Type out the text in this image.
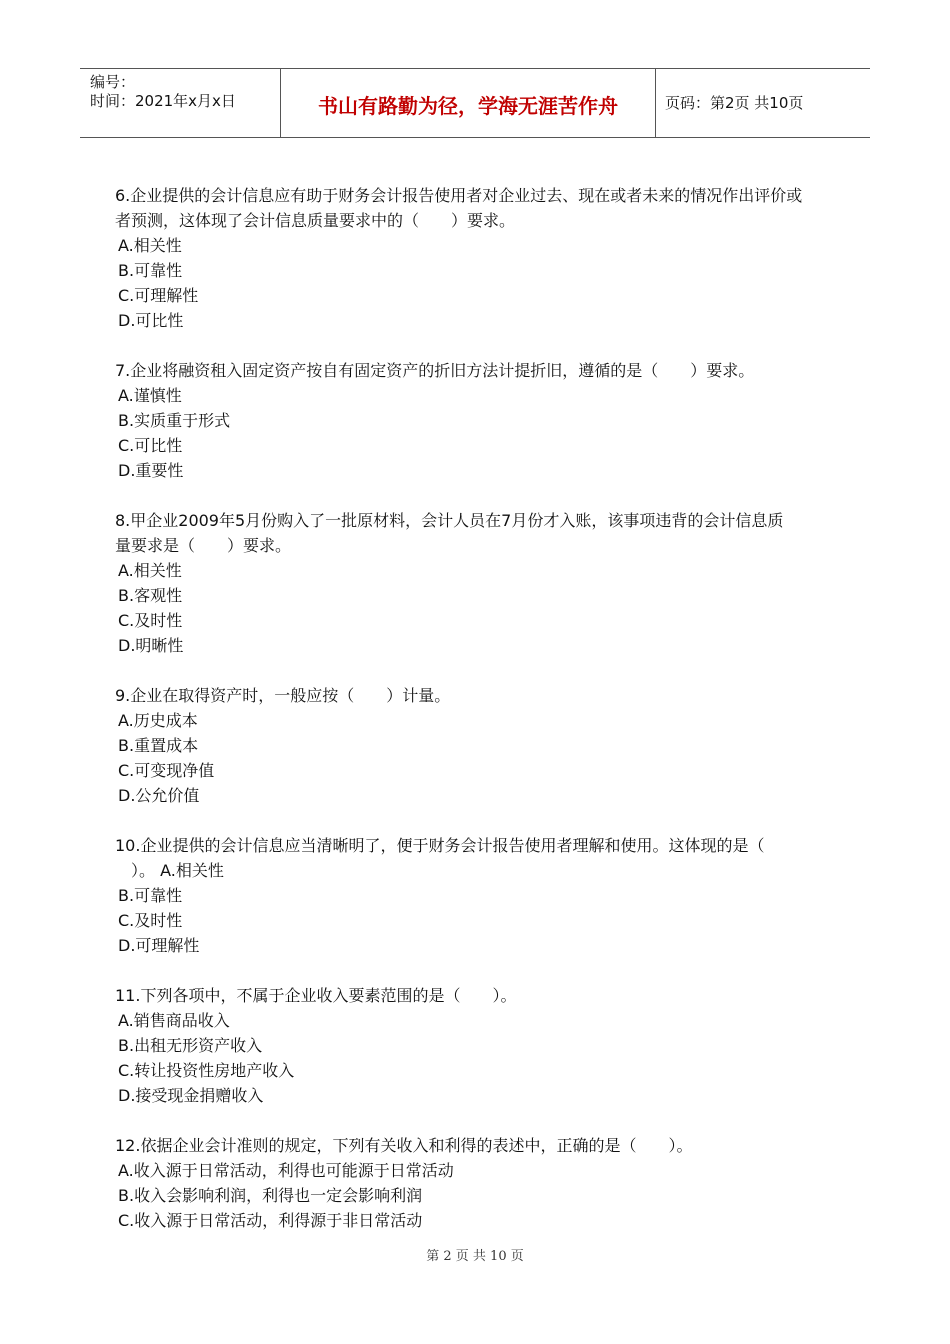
编号：
时间：2021年x月x日	书山有路勤为径，学海无涯苦作舟	页码：第2页 共10页
6.企业提供的会计信息应有助于财务会计报告使用者对企业过去、现在或者未来的情况作出评价或
者预测，这体现了会计信息质量要求中的（　　）要求。
A.相关性
B.可靠性
C.可理解性
D.可比性
7.企业将融资租入固定资产按自有固定资产的折旧方法计提折旧，遵循的是（　　）要求。
A.谨慎性
B.实质重于形式
C.可比性
D.重要性
8.甲企业2009年5月份购入了一批原材料，会计人员在7月份才入账，该事项违背的会计信息质
量要求是（　　）要求。
A.相关性
B.客观性
C.及时性
D.明晰性
9.企业在取得资产时，一般应按（　　）计量。
A.历史成本
B.重置成本
C.可变现净值
D.公允价值
10.企业提供的会计信息应当清晰明了，便于财务会计报告使用者理解和使用。这体现的是（
　）。 A.相关性
B.可靠性
C.及时性
D.可理解性
11.下列各项中，不属于企业收入要素范围的是（　　）。
A.销售商品收入
B.出租无形资产收入
C.转让投资性房地产收入
D.接受现金捐赠收入
12.依据企业会计准则的规定，下列有关收入和利得的表述中，正确的是（　　）。
A.收入源于日常活动，利得也可能源于日常活动
B.收入会影响利润，利得也一定会影响利润
C.收入源于日常活动，利得源于非日常活动
第 2 页 共 10 页
